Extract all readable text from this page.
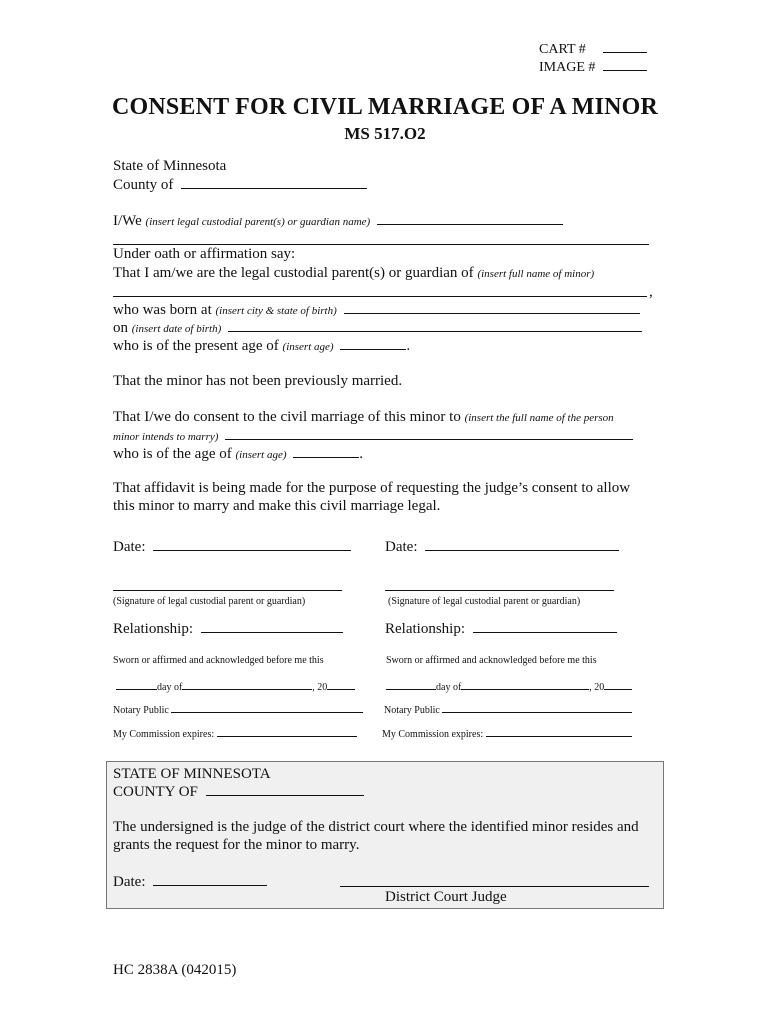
CART #
IMAGE #
CONSENT FOR CIVIL MARRIAGE OF A MINOR
MS 517.O2
State of Minnesota
County of
I/We (insert legal custodial parent(s) or guardian name)
Under oath or affirmation say:
That I am/we are the legal custodial parent(s) or guardian of (insert full name of minor)
,
who was born at (insert city & state of birth)
on (insert date of birth)
who is of the present age of (insert age)	.
That the minor has not been previously married.
That I/we do consent to the civil marriage of this minor to (insert the full name of the person
minor intends to marry)
who is of the age of (insert age)	.
That affidavit is being made for the purpose of requesting the judge’s consent to allow
this minor to marry and make this civil marriage legal.
Date:
(Signature of legal custodial parent or guardian)
Relationship:
Sworn or affirmed and acknowledged before me this
day of	, 20
Notary Public
My Commission expires:
Date:
(Signature of legal custodial parent or guardian)
Relationship:
Sworn or affirmed and acknowledged before me this
day of	, 20
Notary Public
My Commission expires:
STATE OF MINNESOTA
COUNTY OF
The undersigned is the judge of the district court where the identified minor resides and
grants the request for the minor to marry.
Date:
District Court Judge
HC 2838A (042015)
